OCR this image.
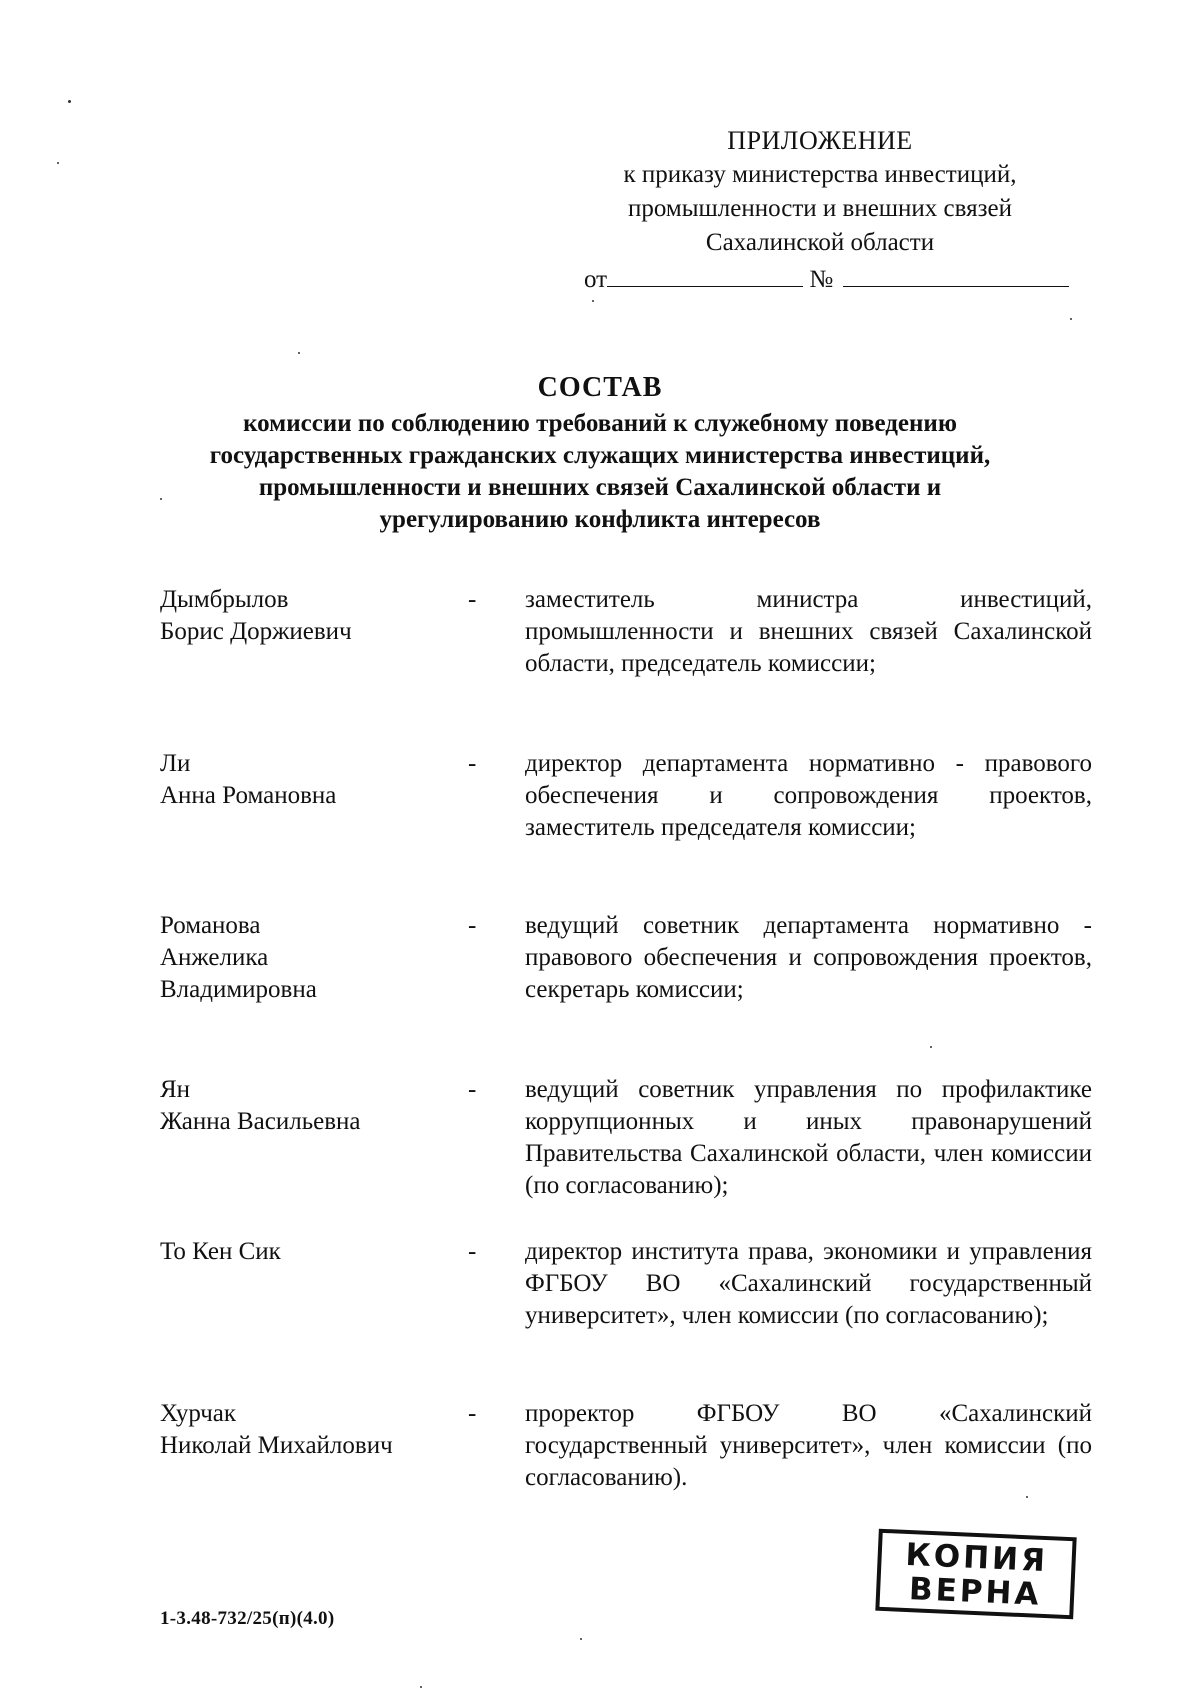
ПРИЛОЖЕНИЕ
к приказу министерства инвестиций,
промышленности и внешних связей
Сахалинской области
от	№
СОСТАВ
комиссии по соблюдению требований к служебному поведению
государственных гражданских служащих министерства инвестиций,
промышленности и внешних связей Сахалинской области и
урегулированию конфликта интересов
Дымбрылов
Борис Доржиевич
- заместитель министра инвестиций, промышленности и внешних связей Сахалинской области, председатель комиссии;
Ли
Анна Романовна
- директор департамента нормативно - правового обеспечения и сопровождения проектов, заместитель председателя комиссии;
Романова
Анжелика
Владимировна
- ведущий советник департамента нормативно - правового обеспечения и сопровождения проектов, секретарь комиссии;
Ян
Жанна Васильевна
- ведущий советник управления по профилактике коррупционных и иных правонарушений Правительства Сахалинской области, член комиссии (по согласованию);
То Кен Сик	- директор института права, экономики и управления ФГБОУ ВО «Сахалинский государственный университет», член комиссии (по согласованию);
Хурчак
Николай Михайлович
- проректор ФГБОУ ВО «Сахалинский государственный университет», член комиссии (по согласованию).
КОПИЯ
ВЕРНА
1-3.48-732/25(п)(4.0)
